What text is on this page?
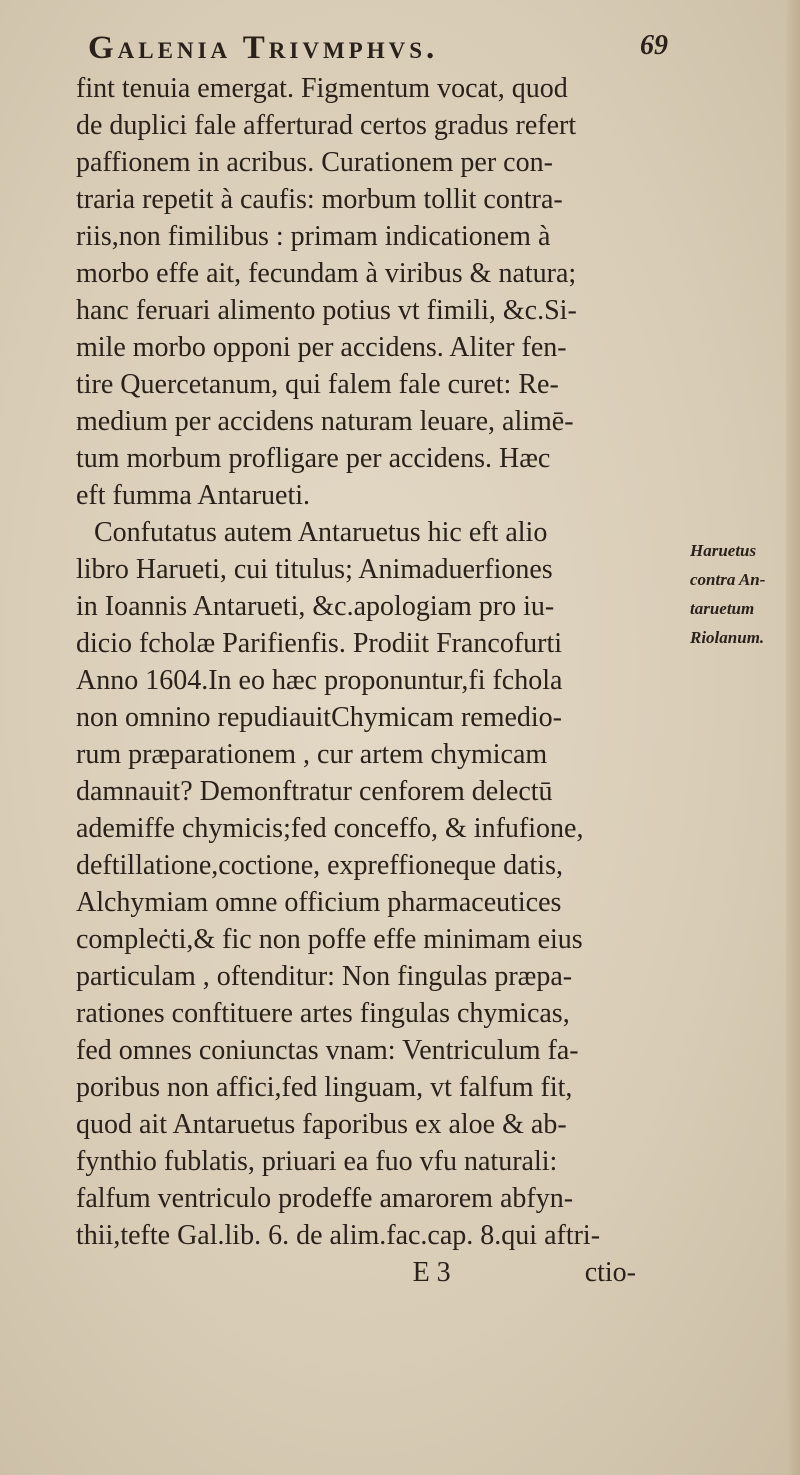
Galenia Trivmphvs.	69
fint tenuia emergat. Figmentum vocat, quod
de duplici fale afferturad certos gradus refert
paffionem in acribus. Curationem per con-
traria repetit à caufis: morbum tollit contra-
riis,non fimilibus : primam indicationem à
morbo effe ait, fecundam à viribus & natura;
hanc feruari alimento potius vt fimili, &c.Si-
mile morbo opponi per accidens. Aliter fen-
tire Quercetanum, qui falem fale curet: Re-
medium per accidens naturam leuare, alimē-
tum morbum profligare per accidens. Hæc
eft fumma Antarueti.
Confutatus autem Antaruetus hic eft alio
libro Harueti, cui titulus; Animaduerfiones
in Ioannis Antarueti, &c.apologiam pro iu-
dicio fcholæ Parifienfis. Prodiit Francofurti
Anno 1604.In eo hæc proponuntur,fi fchola
non omnino repudiauitChymicam remedio-
rum præparationem , cur artem chymicam
damnauit? Demonftratur cenforem delectū
ademiffe chymicis;fed conceffo, & infufione,
deftillatione,coctione, expreffioneque datis,
Alchymiam omne officium pharmaceutices
compleċti,& fic non poffe effe minimam eius
particulam , oftenditur: Non fingulas præpa-
rationes conftituere artes fingulas chymicas,
fed omnes coniunctas vnam: Ventriculum fa-
poribus non affici,fed linguam, vt falfum fit,
quod ait Antaruetus faporibus ex aloe & ab-
fynthio fublatis, priuari ea fuo vfu naturali:
falfum ventriculo prodeffe amarorem abfyn-
thii,tefte Gal.lib. 6. de alim.fac.cap. 8.qui aftri-
E 3	ctio-
Haruetus
contra An-
taruetum
Riolanum.
